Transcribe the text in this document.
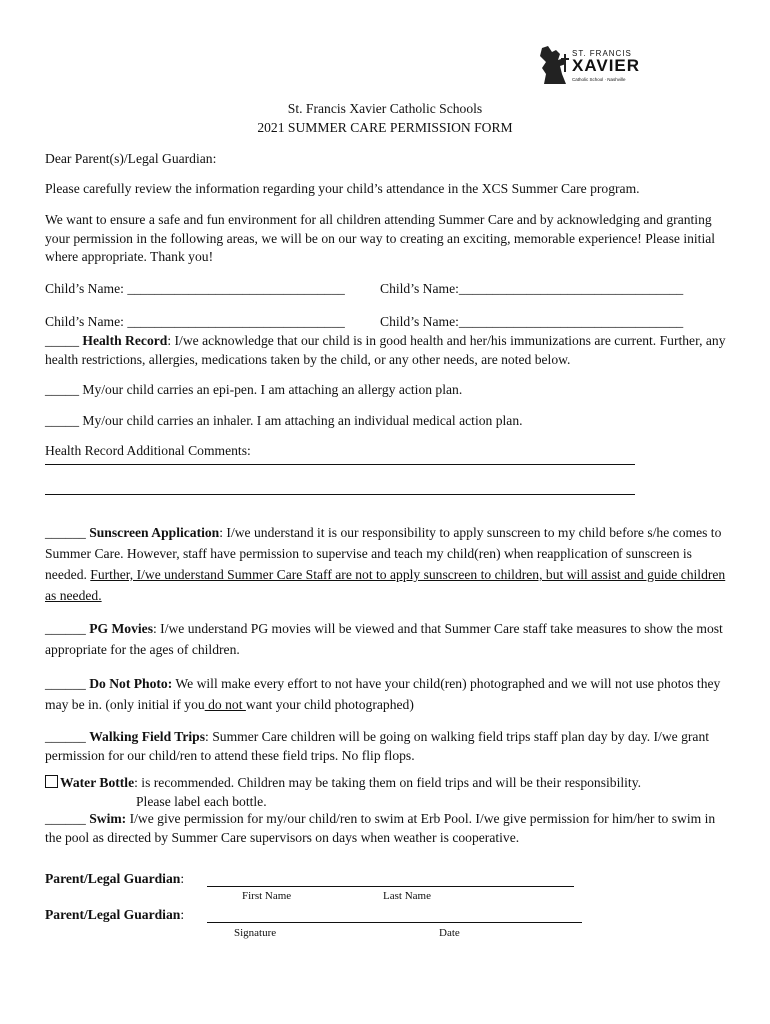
ST. FRANCIS
XAVIER
Catholic School · Nashville
St. Francis Xavier Catholic Schools
2021 SUMMER CARE PERMISSION FORM
Dear Parent(s)/Legal Guardian:
Please carefully review the information regarding your child’s attendance in the XCS Summer Care program.
We want to ensure a safe and fun environment for all children attending Summer Care and by acknowledging and granting your permission in the following areas, we will be on our way to creating an exciting, memorable experience! Please initial where appropriate. Thank you!
Child’s Name: ________________________________	Child’s Name:_________________________________
Child’s Name: ________________________________	Child’s Name:_________________________________
_____ Health Record: I/we acknowledge that our child is in good health and her/his immunizations are current. Further, any health restrictions, allergies, medications taken by the child, or any other needs, are noted below.
_____ My/our child carries an epi-pen. I am attaching an allergy action plan.
_____ My/our child carries an inhaler. I am attaching an individual medical action plan.
Health Record Additional Comments:
______ Sunscreen Application: I/we understand it is our responsibility to apply sunscreen to my child before s/he comes to Summer Care. However, staff have permission to supervise and teach my child(ren) when reapplication of sunscreen is needed. Further, I/we understand Summer Care Staff are not to apply sunscreen to children, but will assist and guide children as needed.
______ PG Movies: I/we understand PG movies will be viewed and that Summer Care staff take measures to show the most appropriate for the ages of children.
______ Do Not Photo: We will make every effort to not have your child(ren) photographed and we will not use photos they may be in. (only initial if you do not want your child photographed)
______ Walking Field Trips: Summer Care children will be going on walking field trips staff plan day by day. I/we grant permission for our child/ren to attend these field trips. No flip flops.
Water Bottle: is recommended. Children may be taking them on field trips and will be their responsibility.
Please label each bottle.
______ Swim: I/we give permission for my/our child/ren to swim at Erb Pool. I/we give permission for him/her to swim in the pool as directed by Summer Care supervisors on days when weather is cooperative.
Parent/Legal Guardian:
First Name	Last Name
Parent/Legal Guardian:
Signature	Date
